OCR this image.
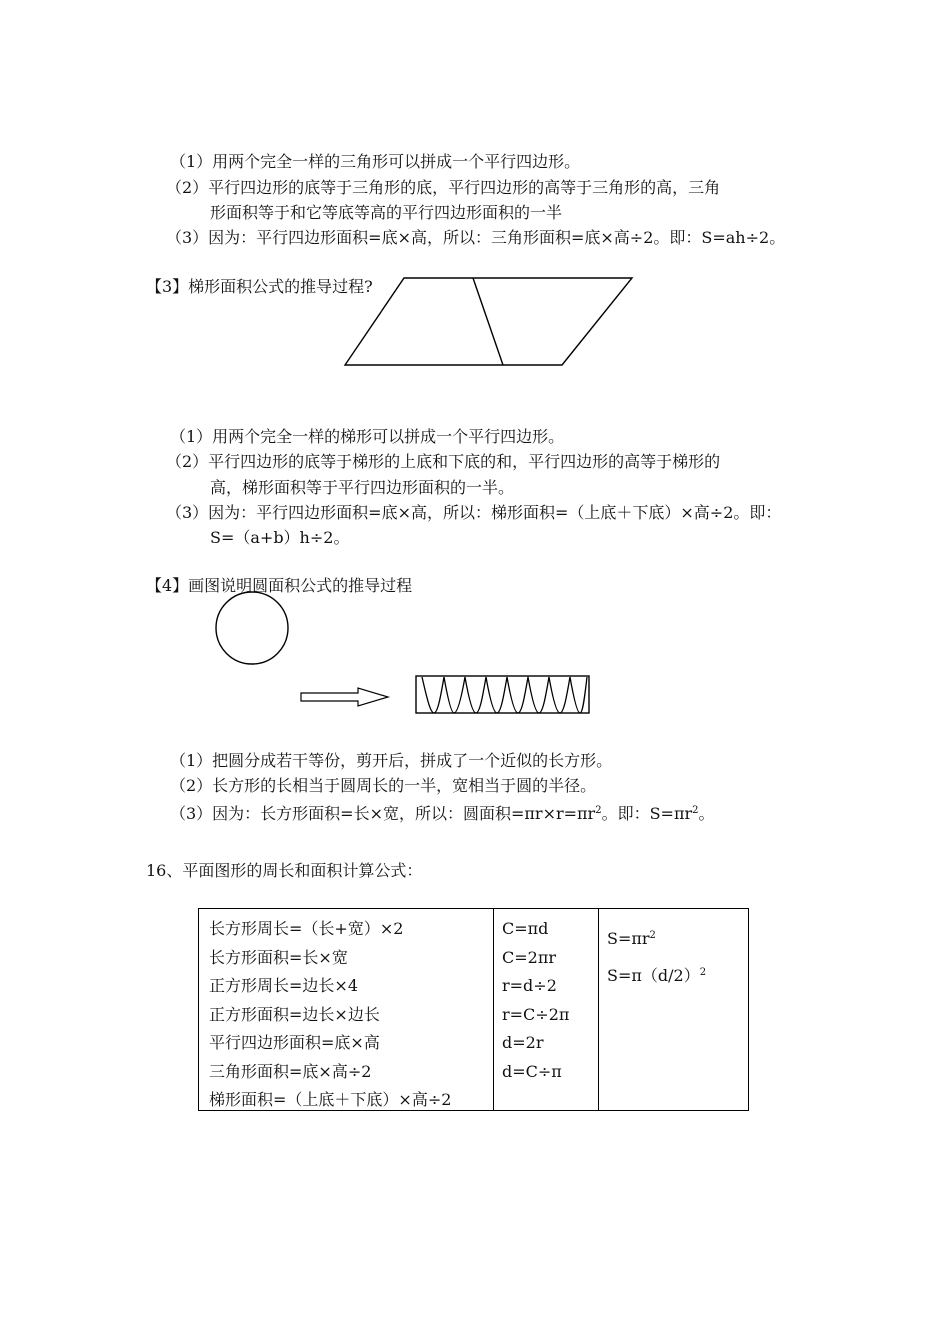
（1）用两个完全一样的三角形可以拼成一个平行四边形。
（2）平行四边形的底等于三角形的底，平行四边形的高等于三角形的高，三角
形面积等于和它等底等高的平行四边形面积的一半
（3）因为：平行四边形面积=底×高，所以：三角形面积=底×高÷2。即：S=ah÷2。
【3】梯形面积公式的推导过程?
（1）用两个完全一样的梯形可以拼成一个平行四边形。
（2）平行四边形的底等于梯形的上底和下底的和，平行四边形的高等于梯形的
高，梯形面积等于平行四边形面积的一半。
（3）因为：平行四边形面积=底×高，所以：梯形面积=（上底＋下底）×高÷2。即：
S=（a+b）h÷2。
【4】画图说明圆面积公式的推导过程
（1）把圆分成若干等份，剪开后，拼成了一个近似的长方形。
（2）长方形的长相当于圆周长的一半，宽相当于圆的半径。
（3）因为：长方形面积=长×宽，所以：圆面积$=\pi r\times r=\pi r^2$。即：$S=\pi r^2$。
16、平面图形的周长和面积计算公式：
长方形周长=（长+宽）×2
长方形面积=长×宽
正方形周长=边长×4
正方形面积=边长×边长
平行四边形面积=底×高
三角形面积=底×高÷2
梯形面积=（上底＋下底）×高÷2
C=πd
C=2πr
r=d÷2
r=C÷2π
d=2r
d=C÷π
$S=\pi r^2$
$S=\pi(d/2)^2$
